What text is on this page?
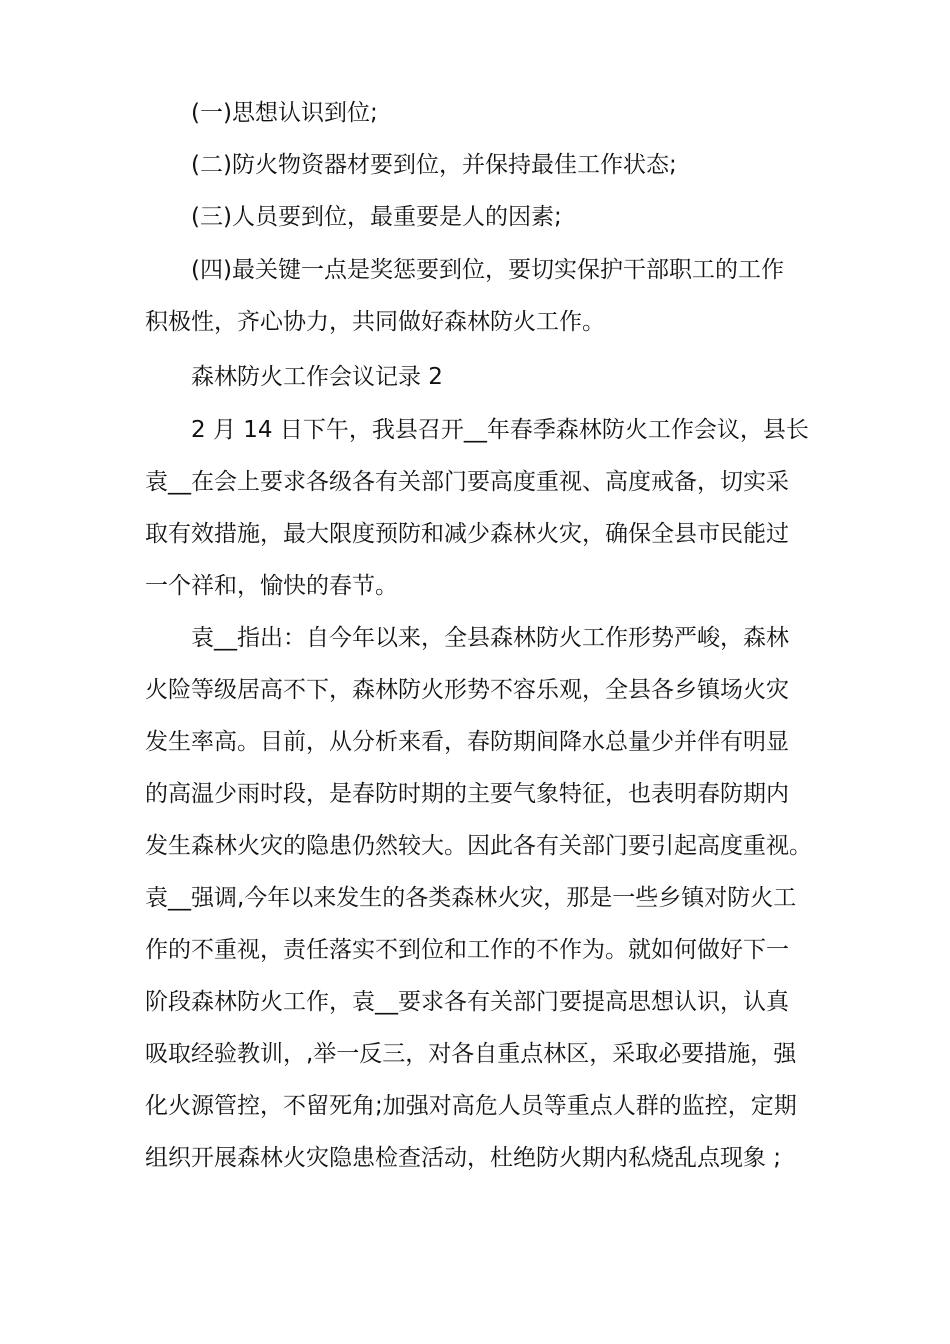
(一)思想认识到位;
(二)防火物资器材要到位，并保持最佳工作状态;
(三)人员要到位，最重要是人的因素;
(四)最关键一点是奖惩要到位，要切实保护干部职工的工作
积极性，齐心协力，共同做好森林防火工作。
森林防火工作会议记录 2
2 月 14 日下午，我县召开__年春季森林防火工作会议，县长
袁__在会上要求各级各有关部门要高度重视、高度戒备，切实采
取有效措施，最大限度预防和减少森林火灾，确保全县市民能过
一个祥和，愉快的春节。
袁__指出：自今年以来，全县森林防火工作形势严峻，森林
火险等级居高不下，森林防火形势不容乐观，全县各乡镇场火灾
发生率高。目前，从分析来看，春防期间降水总量少并伴有明显
的高温少雨时段，是春防时期的主要气象特征，也表明春防期内
发生森林火灾的隐患仍然较大。因此各有关部门要引起高度重视。
袁__强调,今年以来发生的各类森林火灾，那是一些乡镇对防火工
作的不重视，责任落实不到位和工作的不作为。就如何做好下一
阶段森林防火工作，袁__要求各有关部门要提高思想认识，认真
吸取经验教训，,举一反三，对各自重点林区，采取必要措施，强
化火源管控，不留死角;加强对高危人员等重点人群的监控，定期
组织开展森林火灾隐患检查活动，杜绝防火期内私烧乱点现象 ;
